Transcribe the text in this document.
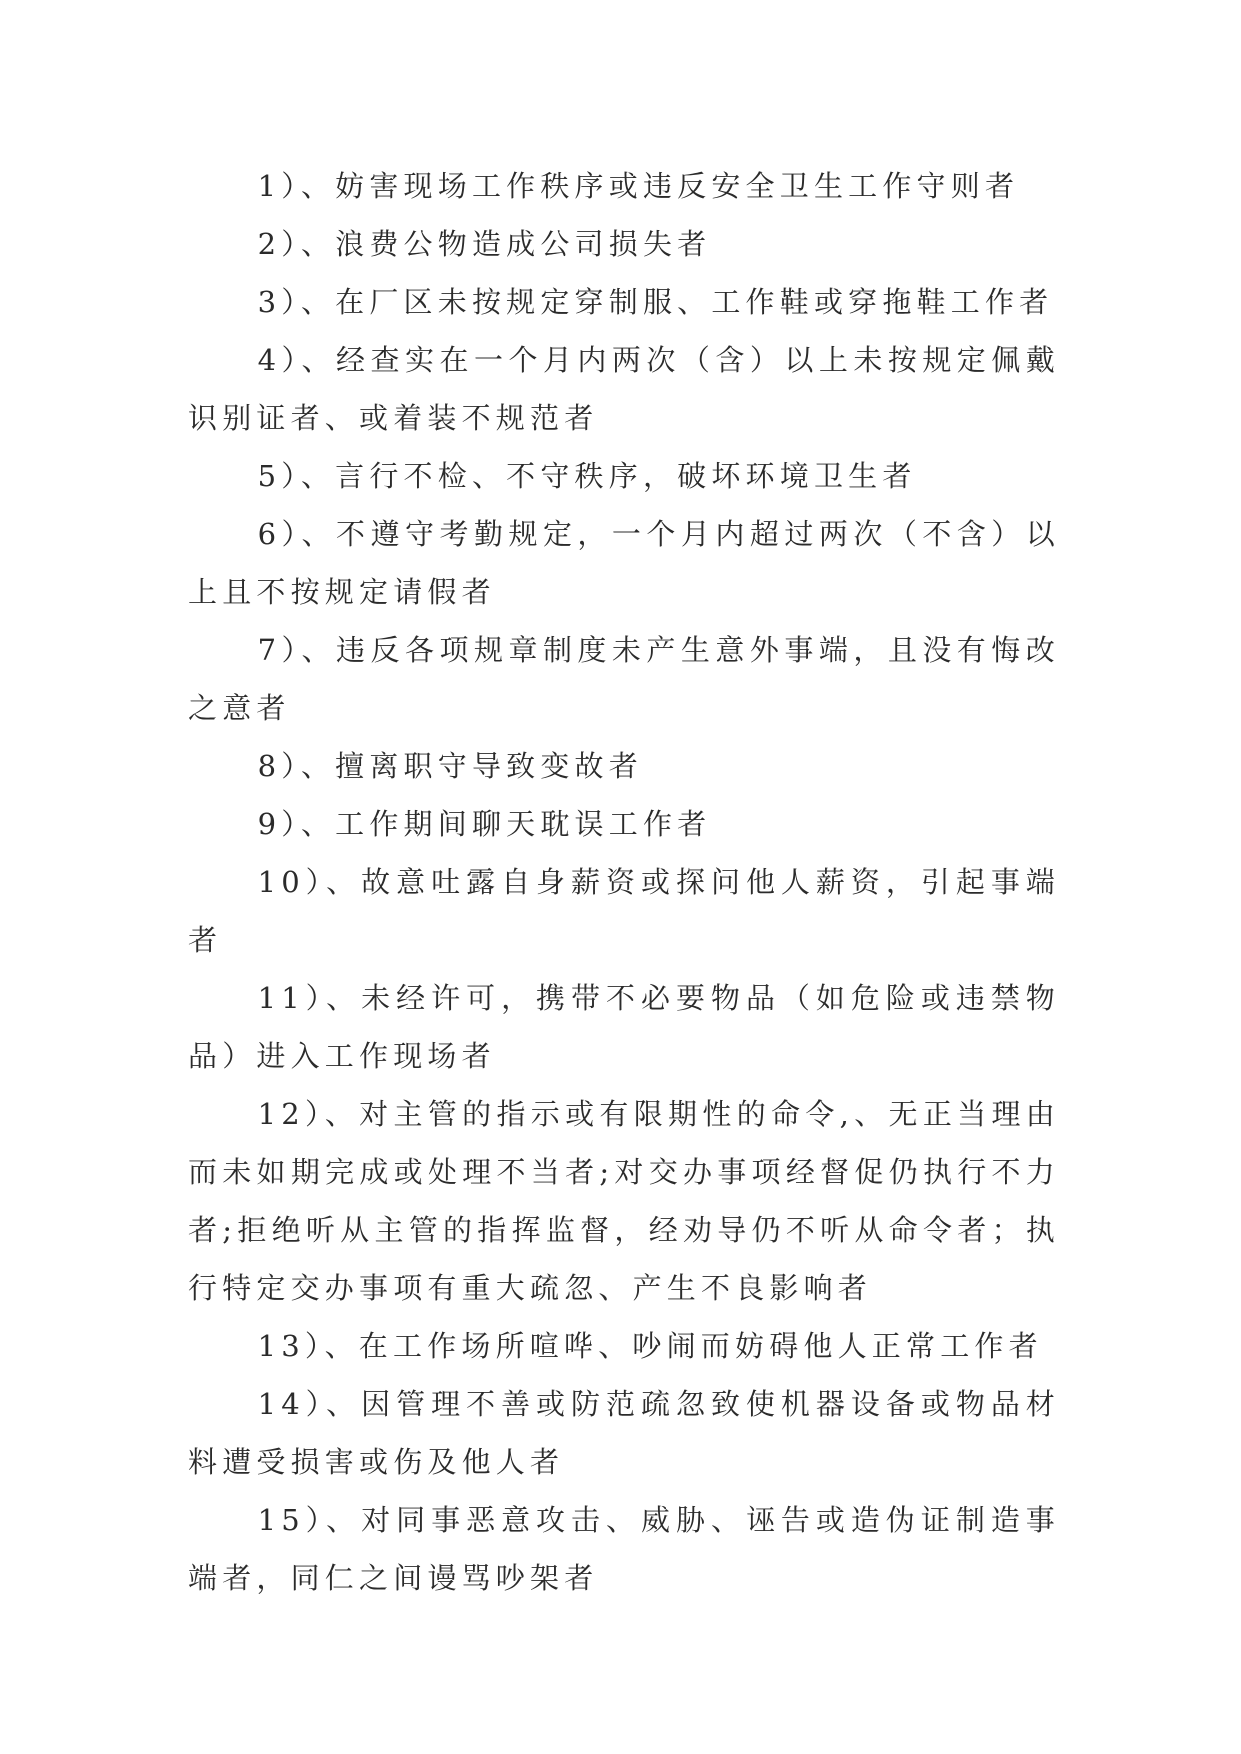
1）、妨害现场工作秩序或违反安全卫生工作守则者

2）、浪费公物造成公司损失者

3）、在厂区未按规定穿制服、工作鞋或穿拖鞋工作者

4）、经查实在一个月内两次（含）以上未按规定佩戴识别证者、或着装不规范者

5）、言行不检、不守秩序，破坏环境卫生者

6）、不遵守考勤规定，一个月内超过两次（不含）以上且不按规定请假者

7）、违反各项规章制度未产生意外事端，且没有悔改之意者

8）、擅离职守导致变故者

9）、工作期间聊天耽误工作者

10）、故意吐露自身薪资或探问他人薪资，引起事端者

11）、未经许可，携带不必要物品（如危险或违禁物品）进入工作现场者

12）、对主管的指示或有限期性的命令,、无正当理由而未如期完成或处理不当者;对交办事项经督促仍执行不力者;拒绝听从主管的指挥监督，经劝导仍不听从命令者；执行特定交办事项有重大疏忽、产生不良影响者

13）、在工作场所喧哗、吵闹而妨碍他人正常工作者

14）、因管理不善或防范疏忽致使机器设备或物品材料遭受损害或伤及他人者

15）、对同事恶意攻击、威胁、诬告或造伪证制造事端者，同仁之间谩骂吵架者
